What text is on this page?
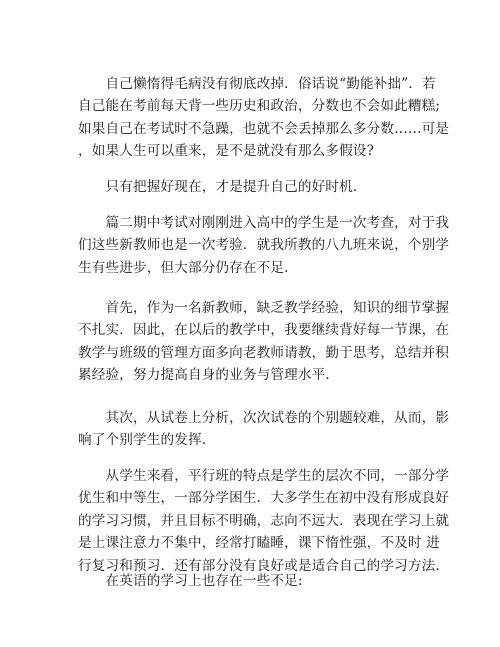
　　自己懒惰得毛病没有彻底改掉．俗话说“勤能补拙”．若
自己能在考前每天背一些历史和政治，分数也不会如此糟糕;
如果自己在考试时不急躁，也就不会丢掉那么多分数……可是
，如果人生可以重来，是不是就没有那么多假设?

　　只有把握好现在，才是提升自己的好时机.

　　篇二期中考试对刚刚进入高中的学生是一次考查，对于我
们这些新教师也是一次考验．就我所教的八九班来说，个别学
生有些进步，但大部分仍存在不足.

　　首先，作为一名新教师，缺乏教学经验，知识的细节掌握
不扎实．因此，在以后的教学中，我要继续背好每一节课，在
教学与班级的管理方面多向老教师请教，勤于思考，总结并积
累经验，努力提高自身的业务与管理水平.

　　其次，从试卷上分析，次次试卷的个别题较难，从而，影
响了个别学生的发挥.

　　从学生来看，平行班的特点是学生的层次不同，一部分学
优生和中等生，一部分学困生．大多学生在初中没有形成良好
的学习习惯，并且目标不明确，志向不远大．表现在学习上就
是上课注意力不集中，经常打瞌睡，课下惰性强，不及时 进
行复习和预习．还有部分没有良好或是适合自己的学习方法.

　　在英语的学习上也存在一些不足:
